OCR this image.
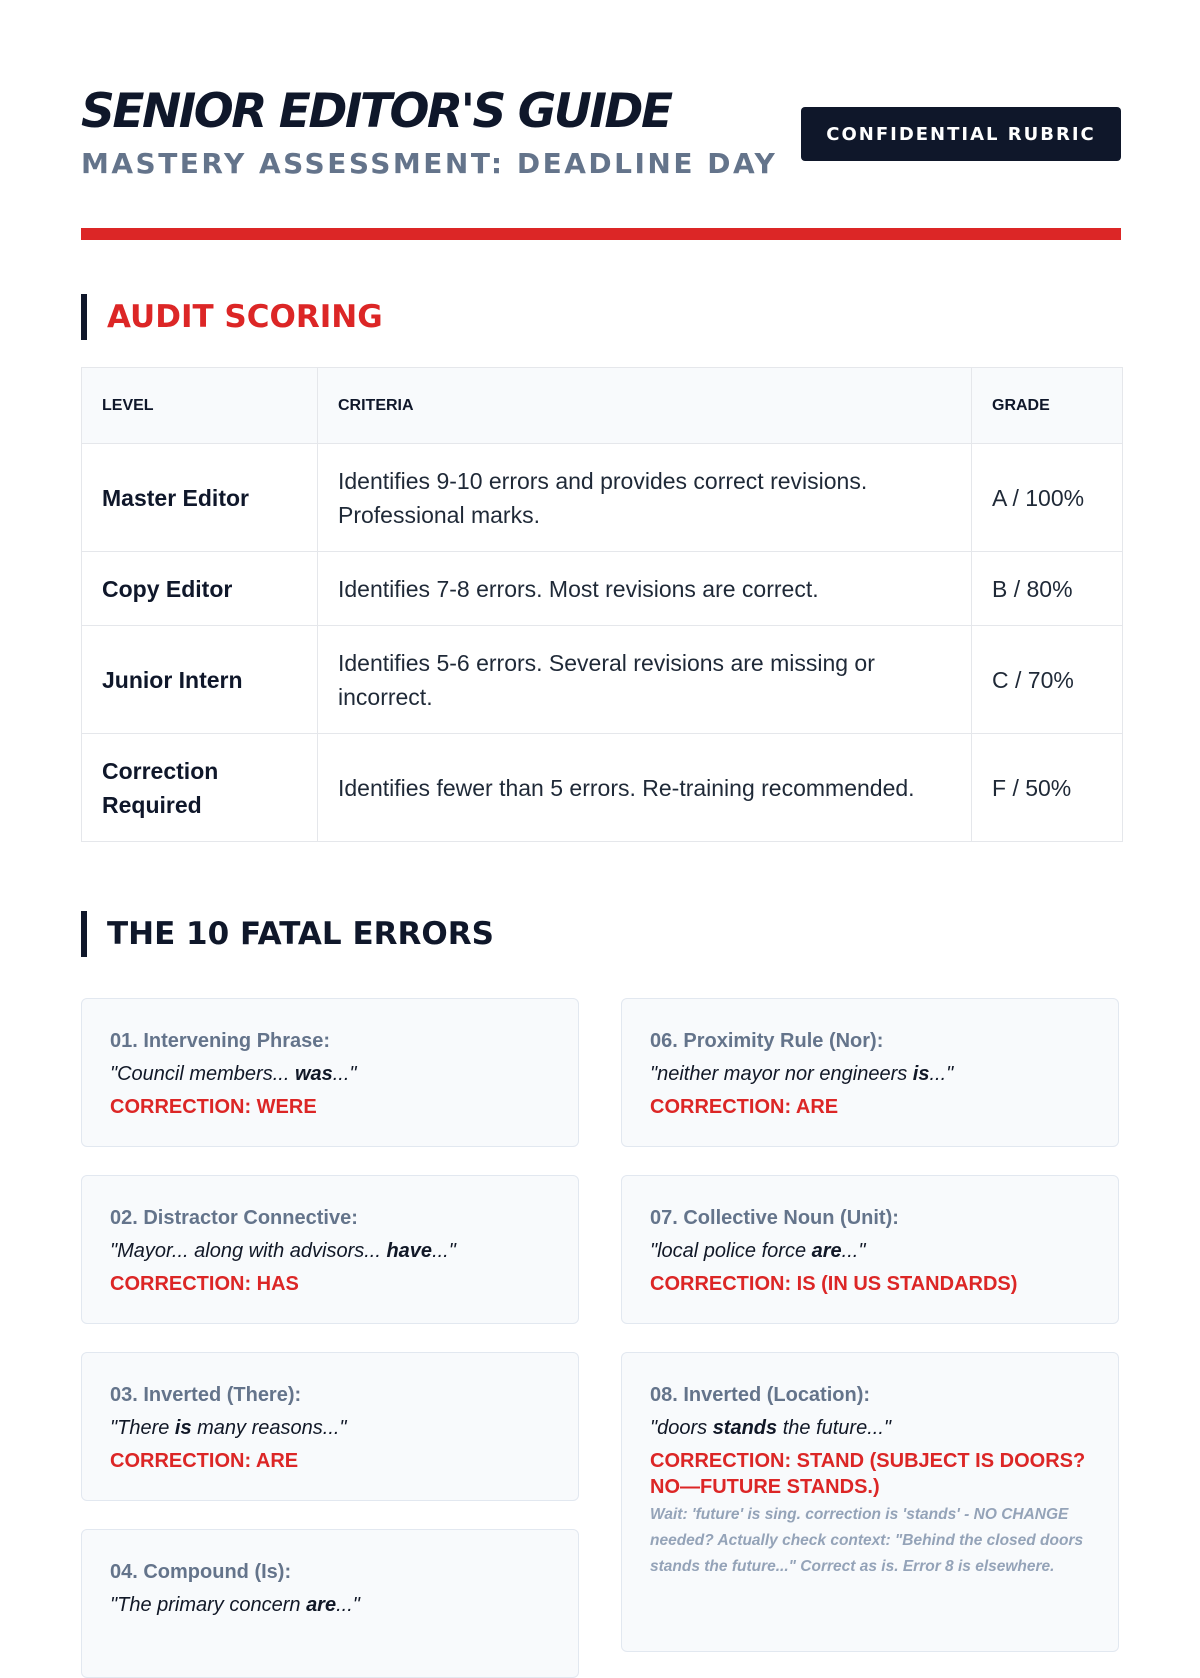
SENIOR EDITOR'S GUIDE
MASTERY ASSESSMENT: DEADLINE DAY
CONFIDENTIAL RUBRIC
AUDIT SCORING
LEVEL	CRITERIA	GRADE
Master Editor	Identifies 9-10 errors and provides correct revisions. Professional marks.	A / 100%
Copy Editor	Identifies 7-8 errors. Most revisions are correct.	B / 80%
Junior Intern	Identifies 5-6 errors. Several revisions are missing or incorrect.	C / 70%
Correction Required	Identifies fewer than 5 errors. Re-training recommended.	F / 50%
THE 10 FATAL ERRORS
01. Intervening Phrase:
"Council members... was..."
CORRECTION: WERE
02. Distractor Connective:
"Mayor... along with advisors... have..."
CORRECTION: HAS
03. Inverted (There):
"There is many reasons..."
CORRECTION: ARE
04. Compound (Is):
"The primary concern are..."
06. Proximity Rule (Nor):
"neither mayor nor engineers is..."
CORRECTION: ARE
07. Collective Noun (Unit):
"local police force are..."
CORRECTION: IS (IN US STANDARDS)
08. Inverted (Location):
"doors stands the future..."
CORRECTION: STAND (SUBJECT IS DOORS? NO—FUTURE STANDS.)
Wait: 'future' is sing. correction is 'stands' - NO CHANGE needed? Actually check context: "Behind the closed doors stands the future..." Correct as is. Error 8 is elsewhere.
